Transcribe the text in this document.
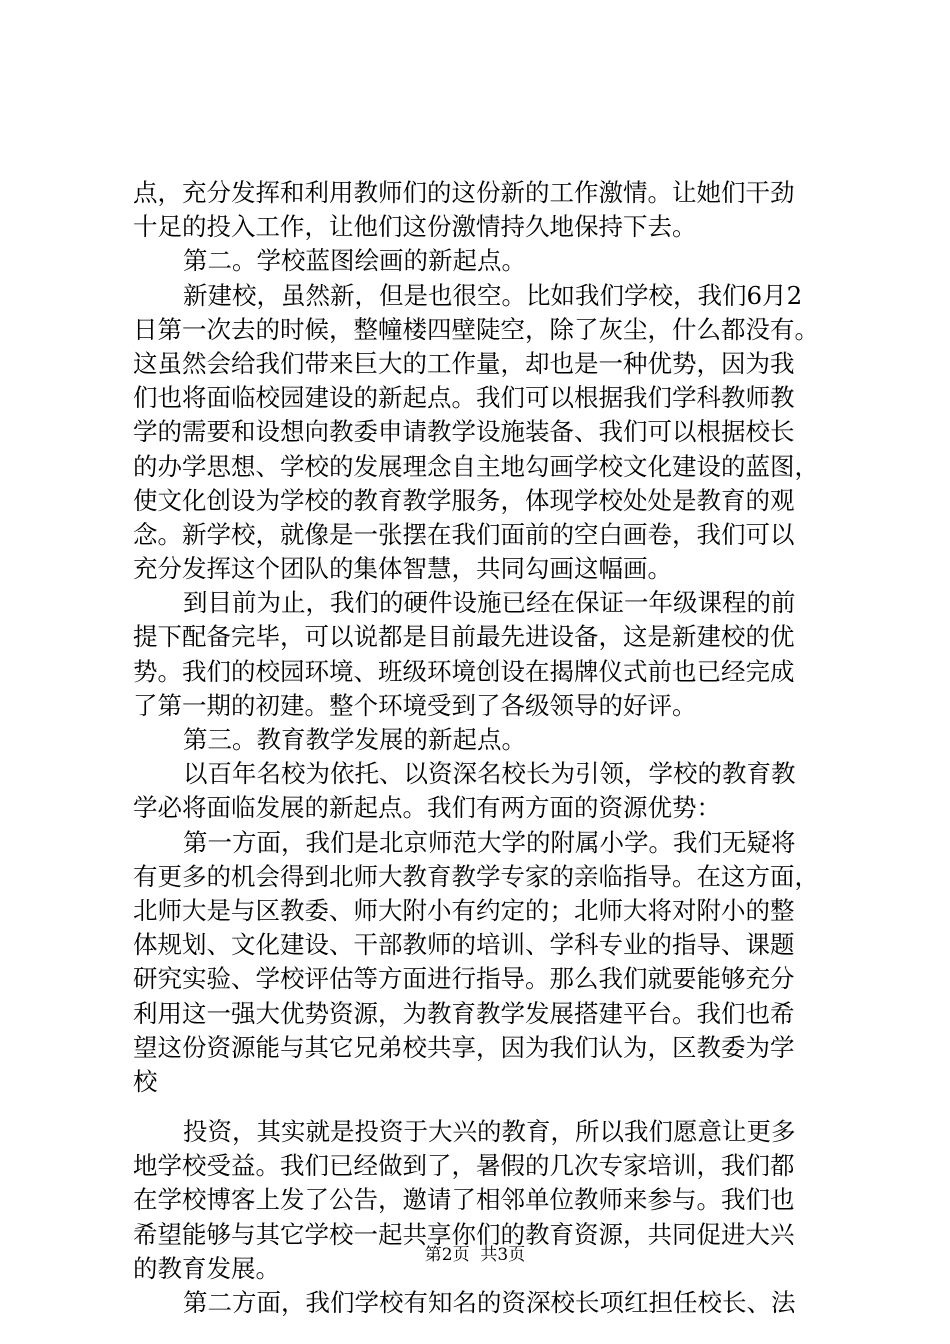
点，充分发挥和利用教师们的这份新的工作激情。让她们干劲
十足的投入工作，让他们这份激情持久地保持下去。
第二。学校蓝图绘画的新起点。
新建校，虽然新，但是也很空。比如我们学校，我们6月2
日第一次去的时候，整幢楼四壁陡空，除了灰尘，什么都没有。
这虽然会给我们带来巨大的工作量，却也是一种优势，因为我
们也将面临校园建设的新起点。我们可以根据我们学科教师教
学的需要和设想向教委申请教学设施装备、我们可以根据校长
的办学思想、学校的发展理念自主地勾画学校文化建设的蓝图，
使文化创设为学校的教育教学服务，体现学校处处是教育的观
念。新学校，就像是一张摆在我们面前的空白画卷，我们可以
充分发挥这个团队的集体智慧，共同勾画这幅画。
到目前为止，我们的硬件设施已经在保证一年级课程的前
提下配备完毕，可以说都是目前最先进设备，这是新建校的优
势。我们的校园环境、班级环境创设在揭牌仪式前也已经完成
了第一期的初建。整个环境受到了各级领导的好评。
第三。教育教学发展的新起点。
以百年名校为依托、以资深名校长为引领，学校的教育教
学必将面临发展的新起点。我们有两方面的资源优势：
第一方面，我们是北京师范大学的附属小学。我们无疑将
有更多的机会得到北师大教育教学专家的亲临指导。在这方面，
北师大是与区教委、师大附小有约定的；北师大将对附小的整
体规划、文化建设、干部教师的培训、学科专业的指导、课题
研究实验、学校评估等方面进行指导。那么我们就要能够充分
利用这一强大优势资源，为教育教学发展搭建平台。我们也希
望这份资源能与其它兄弟校共享，因为我们认为，区教委为学
校
投资，其实就是投资于大兴的教育，所以我们愿意让更多
地学校受益。我们已经做到了，暑假的几次专家培训，我们都
在学校博客上发了公告，邀请了相邻单位教师来参与。我们也
希望能够与其它学校一起共享你们的教育资源，共同促进大兴
的教育发展。
第二方面，我们学校有知名的资深校长项红担任校长、法
第2页  共3页
